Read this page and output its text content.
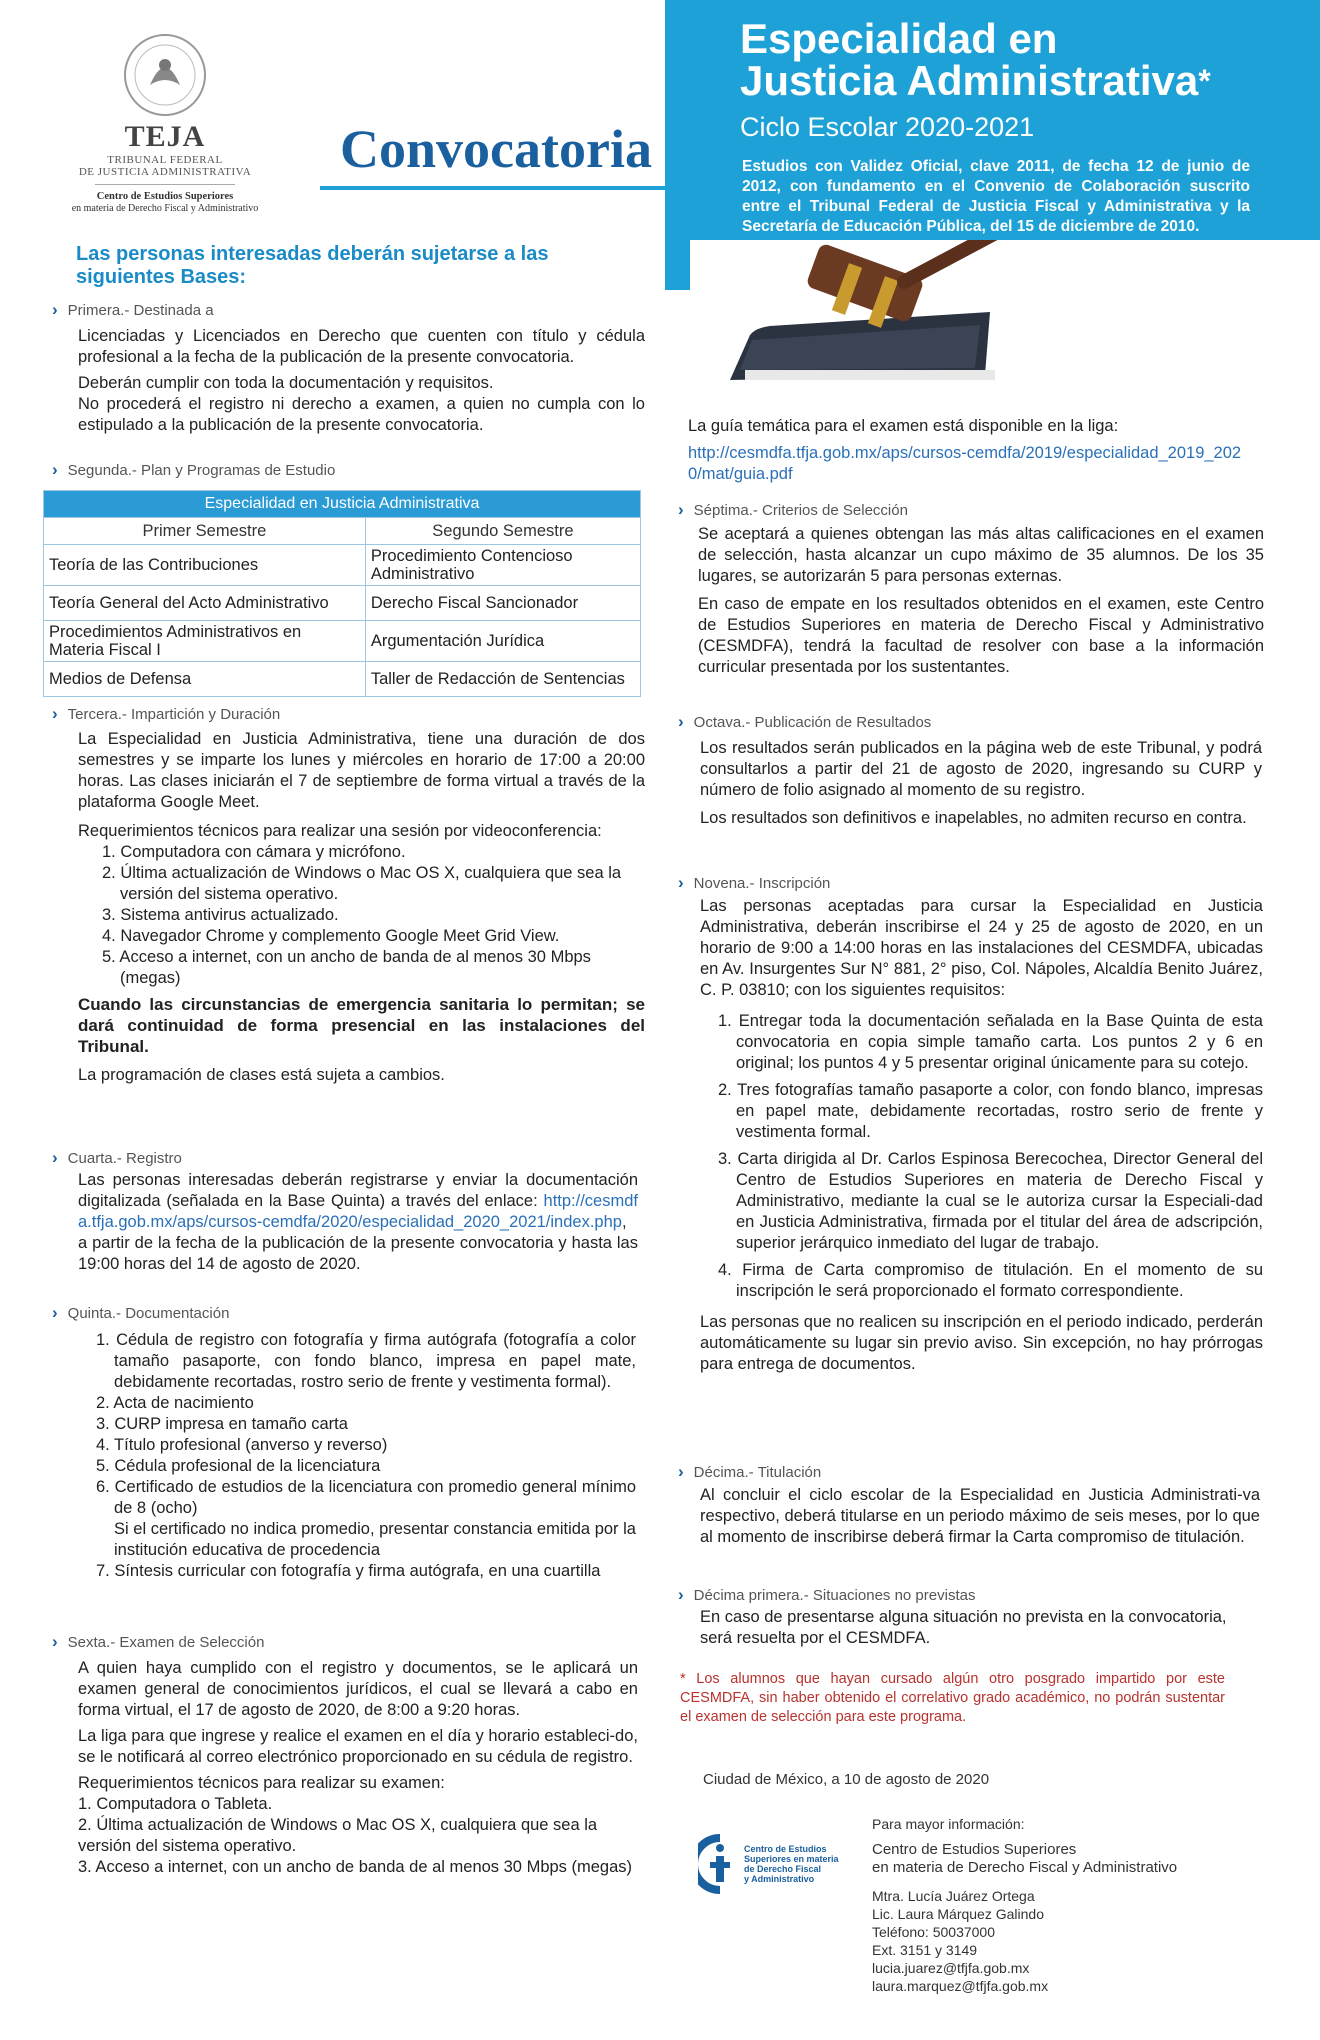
TEJA
TRIBUNAL FEDERAL
DE JUSTICIA ADMINISTRATIVA
Centro de Estudios Superiores
en materia de Derecho Fiscal y Administrativo
Convocatoria
Especialidad en
Justicia Administrativa*
Ciclo Escolar 2020-2021
Estudios con Validez Oficial, clave 2011, de fecha 12 de junio de 2012, con fundamento en el Convenio de Colaboración suscrito entre el Tribunal Federal de Justicia Fiscal y Administrativa y la Secretaría de Educación Pública, del 15 de diciembre de 2010.
Las personas interesadas deberán sujetarse a las siguientes Bases:
› Primera.- Destinada a
Licenciadas y Licenciados en Derecho que cuenten con título y cédula profesional a la fecha de la publicación de la presente convocatoria.
Deberán cumplir con toda la documentación y requisitos.
No procederá el registro ni derecho a examen, a quien no cumpla con lo estipulado a la publicación de la presente convocatoria.
› Segunda.- Plan y Programas de Estudio
Especialidad en Justicia Administrativa	
Primer Semestre	Segundo Semestre
Teoría de las Contribuciones	Procedimiento Contencioso Administrativo
Teoría General del Acto Administrativo	Derecho Fiscal Sancionador
Procedimientos Administrativos en Materia Fiscal I	Argumentación Jurídica
Medios de Defensa	Taller de Redacción de Sentencias
› Tercera.- Impartición y Duración
La Especialidad en Justicia Administrativa, tiene una duración de dos semestres y se imparte los lunes y miércoles en horario de 17:00 a 20:00 horas. Las clases iniciarán el 7 de septiembre de forma virtual a través de la plataforma Google Meet.
Requerimientos técnicos para realizar una sesión por videoconferencia:
1. Computadora con cámara y micrófono.
2. Última actualización de Windows o Mac OS X, cualquiera que sea la versión del sistema operativo.
3. Sistema antivirus actualizado.
4. Navegador Chrome y complemento Google Meet Grid View.
5. Acceso a internet, con un ancho de banda de al menos 30 Mbps (megas)
Cuando las circunstancias de emergencia sanitaria lo permitan; se dará continuidad de forma presencial en las instalaciones del Tribunal.
La programación de clases está sujeta a cambios.
› Cuarta.- Registro
Las personas interesadas deberán registrarse y enviar la documentación digitalizada (señalada en la Base Quinta) a través del enlace: http://cesmdfa.tfja.gob.mx/aps/cursos-cemdfa/2020/especialidad_2020_2021/index.php, a partir de la fecha de la publicación de la presente convocatoria y hasta las 19:00 horas del 14 de agosto de 2020.
› Quinta.- Documentación
1. Cédula de registro con fotografía y firma autógrafa (fotografía a color tamaño pasaporte, con fondo blanco, impresa en papel mate, debidamente recortadas, rostro serio de frente y vestimenta formal).
2. Acta de nacimiento
3. CURP impresa en tamaño carta
4. Título profesional (anverso y reverso)
5. Cédula profesional de la licenciatura
6. Certificado de estudios de la licenciatura con promedio general mínimo de 8 (ocho)
Si el certificado no indica promedio, presentar constancia emitida por la institución educativa de procedencia
7. Síntesis curricular con fotografía y firma autógrafa, en una cuartilla
› Sexta.- Examen de Selección
A quien haya cumplido con el registro y documentos, se le aplicará un examen general de conocimientos jurídicos, el cual se llevará a cabo en forma virtual, el 17 de agosto de 2020, de 8:00 a 9:20 horas.
La liga para que ingrese y realice el examen en el día y horario estableci-do, se le notificará al correo electrónico proporcionado en su cédula de registro.
Requerimientos técnicos para realizar su examen:
1. Computadora o Tableta.
2. Última actualización de Windows o Mac OS X, cualquiera que sea la versión del sistema operativo.
3. Acceso a internet, con un ancho de banda de al menos 30 Mbps (megas)
La guía temática para el examen está disponible en la liga:
http://cesmdfa.tfja.gob.mx/aps/cursos-cemdfa/2019/especialidad_2019_2020/mat/guia.pdf
› Séptima.- Criterios de Selección
Se aceptará a quienes obtengan las más altas calificaciones en el examen de selección, hasta alcanzar un cupo máximo de 35 alumnos. De los 35 lugares, se autorizarán 5 para personas externas.
En caso de empate en los resultados obtenidos en el examen, este Centro de Estudios Superiores en materia de Derecho Fiscal y Administrativo (CESMDFA), tendrá la facultad de resolver con base a la información curricular presentada por los sustentantes.
› Octava.- Publicación de Resultados
Los resultados serán publicados en la página web de este Tribunal, y podrá consultarlos a partir del 21 de agosto de 2020, ingresando su CURP y número de folio asignado al momento de su registro.
Los resultados son definitivos e inapelables, no admiten recurso en contra.
› Novena.- Inscripción
Las personas aceptadas para cursar la Especialidad en Justicia Administrativa, deberán inscribirse el 24 y 25 de agosto de 2020, en un horario de 9:00 a 14:00 horas en las instalaciones del CESMDFA, ubicadas en Av. Insurgentes Sur N° 881, 2° piso, Col. Nápoles, Alcaldía Benito Juárez, C. P. 03810; con los siguientes requisitos:
1. Entregar toda la documentación señalada en la Base Quinta de esta convocatoria en copia simple tamaño carta. Los puntos 2 y 6 en original; los puntos 4 y 5 presentar original únicamente para su cotejo.
2. Tres fotografías tamaño pasaporte a color, con fondo blanco, impresas en papel mate, debidamente recortadas, rostro serio de frente y vestimenta formal.
3. Carta dirigida al Dr. Carlos Espinosa Berecochea, Director General del Centro de Estudios Superiores en materia de Derecho Fiscal y Administrativo, mediante la cual se le autoriza cursar la Especiali-dad en Justicia Administrativa, firmada por el titular del área de adscripción, superior jerárquico inmediato del lugar de trabajo.
4. Firma de Carta compromiso de titulación. En el momento de su inscripción le será proporcionado el formato correspondiente.
Las personas que no realicen su inscripción en el periodo indicado, perderán automáticamente su lugar sin previo aviso. Sin excepción, no hay prórrogas para entrega de documentos.
› Décima.- Titulación
Al concluir el ciclo escolar de la Especialidad en Justicia Administrati-va respectivo, deberá titularse en un periodo máximo de seis meses, por lo que al momento de inscribirse deberá firmar la Carta compromiso de titulación.
› Décima primera.- Situaciones no previstas
En caso de presentarse alguna situación no prevista en la convocatoria, será resuelta por el CESMDFA.
* Los alumnos que hayan cursado algún otro posgrado impartido por este CESMDFA, sin haber obtenido el correlativo grado académico, no podrán sustentar el examen de selección para este programa.
Ciudad de México, a 10 de agosto de 2020
Centro de Estudios
Superiores en materia
de Derecho Fiscal
y Administrativo
Para mayor información:
Centro de Estudios Superiores
en materia de Derecho Fiscal y Administrativo
Mtra. Lucía Juárez Ortega
Lic. Laura Márquez Galindo
Teléfono: 50037000
Ext. 3151 y 3149
lucia.juarez@tfjfa.gob.mx
laura.marquez@tfjfa.gob.mx
